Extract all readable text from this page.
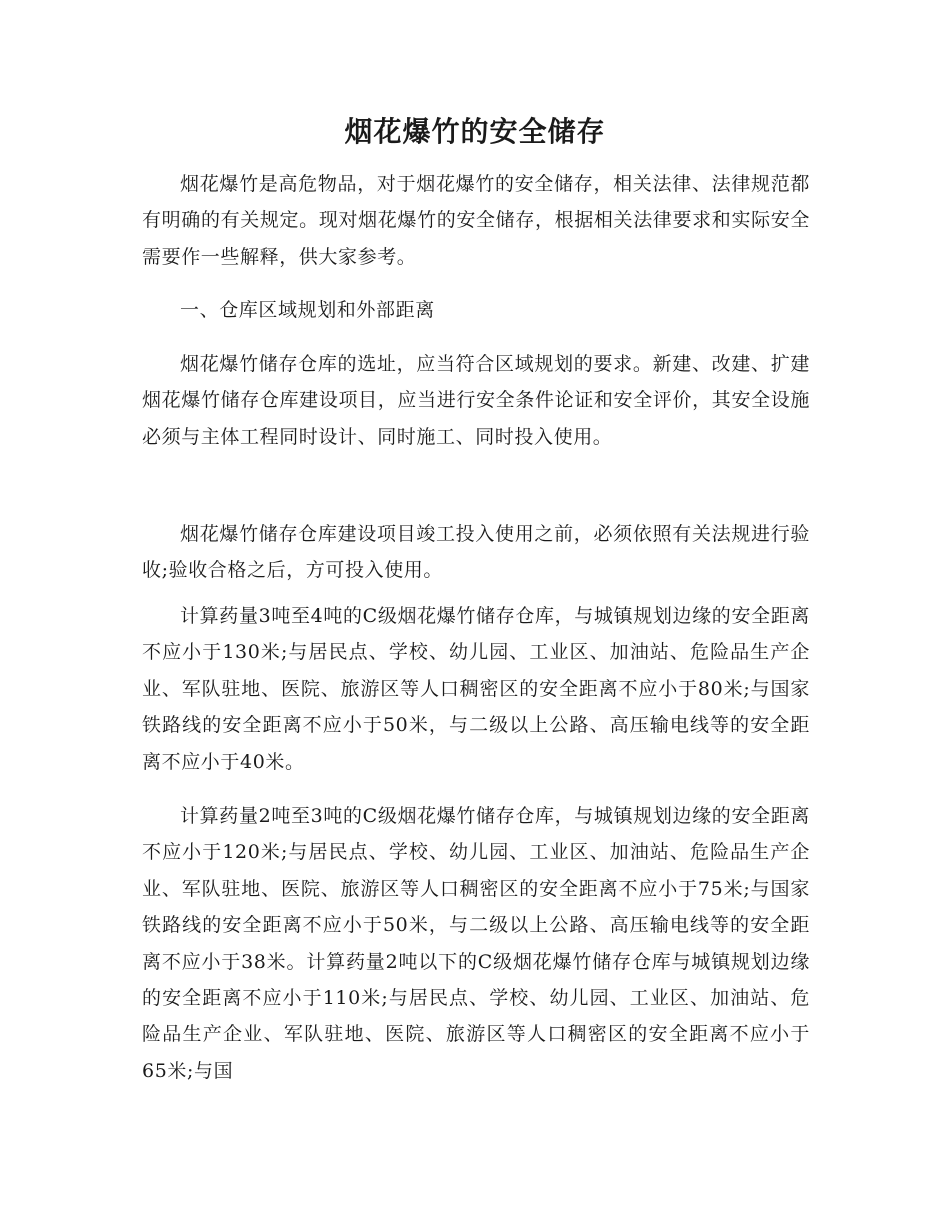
烟花爆竹的安全储存

烟花爆竹是高危物品，对于烟花爆竹的安全储存，相关法律、法律规范都有明确的有关规定。现对烟花爆竹的安全储存，根据相关法律要求和实际安全需要作一些解释，供大家参考。

一、仓库区域规划和外部距离

烟花爆竹储存仓库的选址，应当符合区域规划的要求。新建、改建、扩建烟花爆竹储存仓库建设项目，应当进行安全条件论证和安全评价，其安全设施必须与主体工程同时设计、同时施工、同时投入使用。

烟花爆竹储存仓库建设项目竣工投入使用之前，必须依照有关法规进行验收;验收合格之后，方可投入使用。

计算药量3吨至4吨的C级烟花爆竹储存仓库，与城镇规划边缘的安全距离不应小于130米;与居民点、学校、幼儿园、工业区、加油站、危险品生产企业、军队驻地、医院、旅游区等人口稠密区的安全距离不应小于80米;与国家铁路线的安全距离不应小于50米，与二级以上公路、高压输电线等的安全距离不应小于40米。

计算药量2吨至3吨的C级烟花爆竹储存仓库，与城镇规划边缘的安全距离不应小于120米;与居民点、学校、幼儿园、工业区、加油站、危险品生产企业、军队驻地、医院、旅游区等人口稠密区的安全距离不应小于75米;与国家铁路线的安全距离不应小于50米，与二级以上公路、高压输电线等的安全距离不应小于38米。计算药量2吨以下的C级烟花爆竹储存仓库与城镇规划边缘的安全距离不应小于110米;与居民点、学校、幼儿园、工业区、加油站、危险品生产企业、军队驻地、医院、旅游区等人口稠密区的安全距离不应小于65米;与国
